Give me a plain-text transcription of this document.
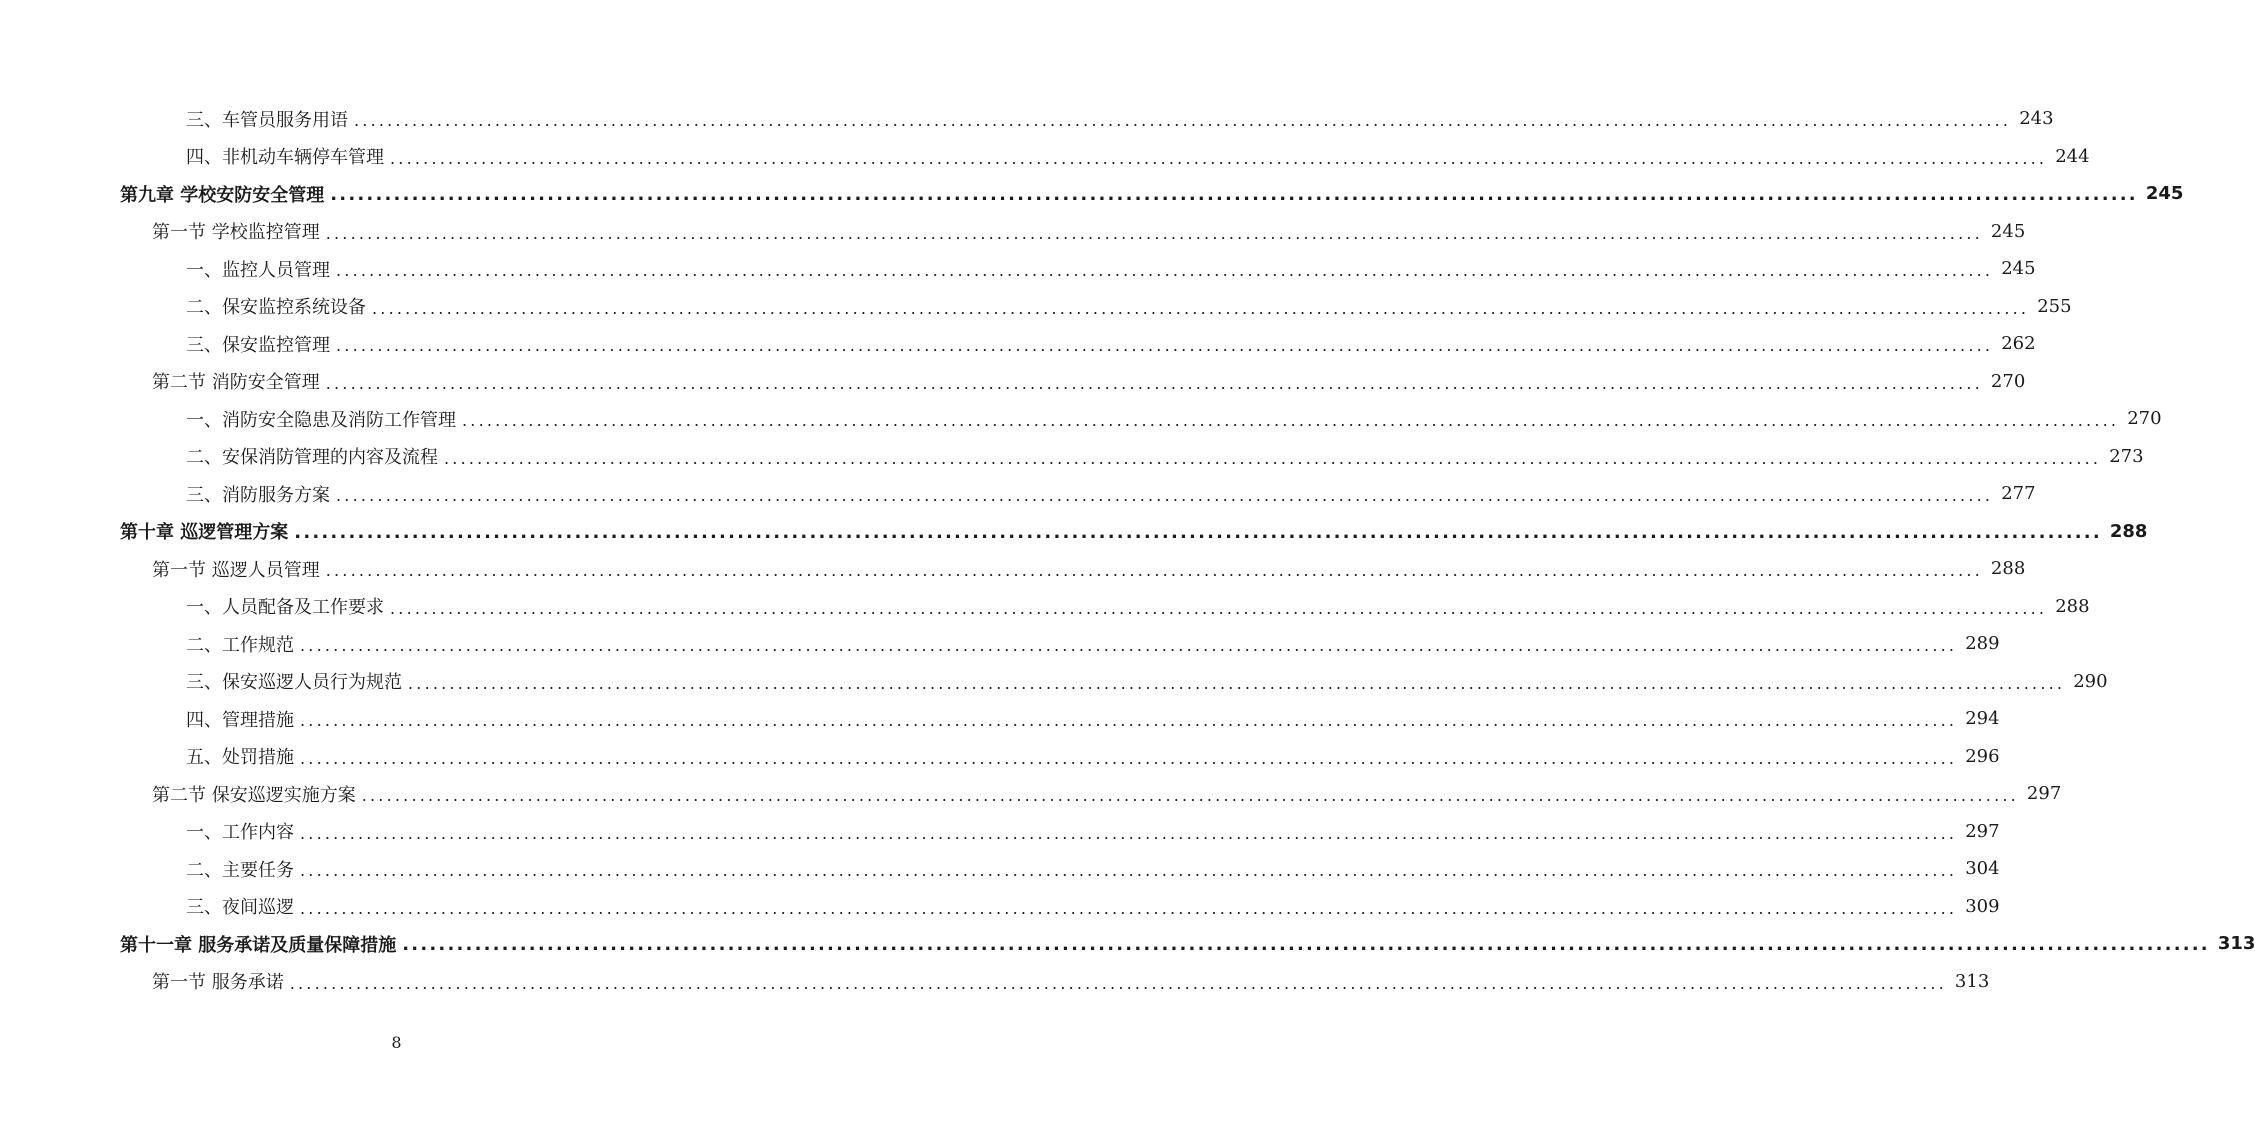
三、车管员服务用语 ........................................................................................................................................................................................................ 243
四、非机动车辆停车管理 ........................................................................................................................................................................................................ 244
第九章 学校安防安全管理 ........................................................................................................................................................................................................ 245
第一节 学校监控管理 ........................................................................................................................................................................................................ 245
一、监控人员管理 ........................................................................................................................................................................................................ 245
二、保安监控系统设备 ........................................................................................................................................................................................................ 255
三、保安监控管理 ........................................................................................................................................................................................................ 262
第二节 消防安全管理 ........................................................................................................................................................................................................ 270
一、消防安全隐患及消防工作管理 ........................................................................................................................................................................................................ 270
二、安保消防管理的内容及流程 ........................................................................................................................................................................................................ 273
三、消防服务方案 ........................................................................................................................................................................................................ 277
第十章 巡逻管理方案 ........................................................................................................................................................................................................ 288
第一节 巡逻人员管理 ........................................................................................................................................................................................................ 288
一、人员配备及工作要求 ........................................................................................................................................................................................................ 288
二、工作规范 ........................................................................................................................................................................................................ 289
三、保安巡逻人员行为规范 ........................................................................................................................................................................................................ 290
四、管理措施 ........................................................................................................................................................................................................ 294
五、处罚措施 ........................................................................................................................................................................................................ 296
第二节 保安巡逻实施方案 ........................................................................................................................................................................................................ 297
一、工作内容 ........................................................................................................................................................................................................ 297
二、主要任务 ........................................................................................................................................................................................................ 304
三、夜间巡逻 ........................................................................................................................................................................................................ 309
第十一章 服务承诺及质量保障措施 ........................................................................................................................................................................................................ 313
第一节 服务承诺 ........................................................................................................................................................................................................ 313
8
